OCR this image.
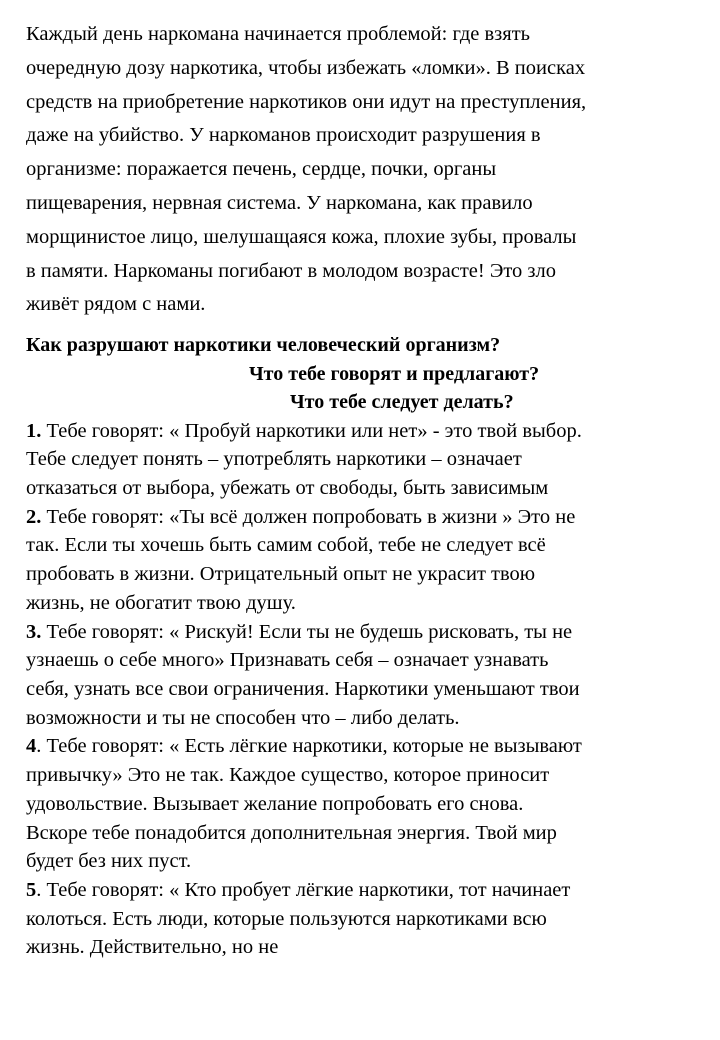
Каждый день наркомана начинается проблемой: где взять
очередную дозу наркотика, чтобы избежать «ломки». В поисках
средств на приобретение наркотиков они идут на преступления,
даже на убийство. У наркоманов происходит разрушения в
организме: поражается печень, сердце, почки, органы
пищеварения, нервная система. У наркомана, как правило
морщинистое лицо, шелушащаяся кожа, плохие зубы, провалы
в памяти. Наркоманы погибают в молодом возрасте! Это зло
живёт рядом с нами.
Как разрушают наркотики человеческий организм?
Что тебе говорят и предлагают?
Что тебе следует делать?
1. Тебе говорят: « Пробуй наркотики или нет» - это твой выбор.
Тебе следует понять – употреблять наркотики – означает
отказаться от выбора, убежать от свободы, быть зависимым
2. Тебе говорят: «Ты всё должен попробовать в жизни » Это не
так. Если ты хочешь быть самим собой, тебе не следует всё
пробовать в жизни. Отрицательный опыт не украсит твою
жизнь, не обогатит твою душу.
3. Тебе говорят: « Рискуй! Если ты не будешь рисковать, ты не
узнаешь о себе много» Признавать себя – означает узнавать
себя, узнать все свои ограничения. Наркотики уменьшают твои
возможности и ты не способен что – либо делать.
4. Тебе говорят: « Есть лёгкие наркотики, которые не вызывают
привычку» Это не так. Каждое существо, которое приносит
удовольствие. Вызывает желание попробовать его снова.
Вскоре тебе понадобится дополнительная энергия. Твой мир
будет без них пуст.
5. Тебе говорят: « Кто пробует лёгкие наркотики, тот начинает
колоться. Есть люди, которые пользуются наркотиками всю
жизнь. Действительно, но не
